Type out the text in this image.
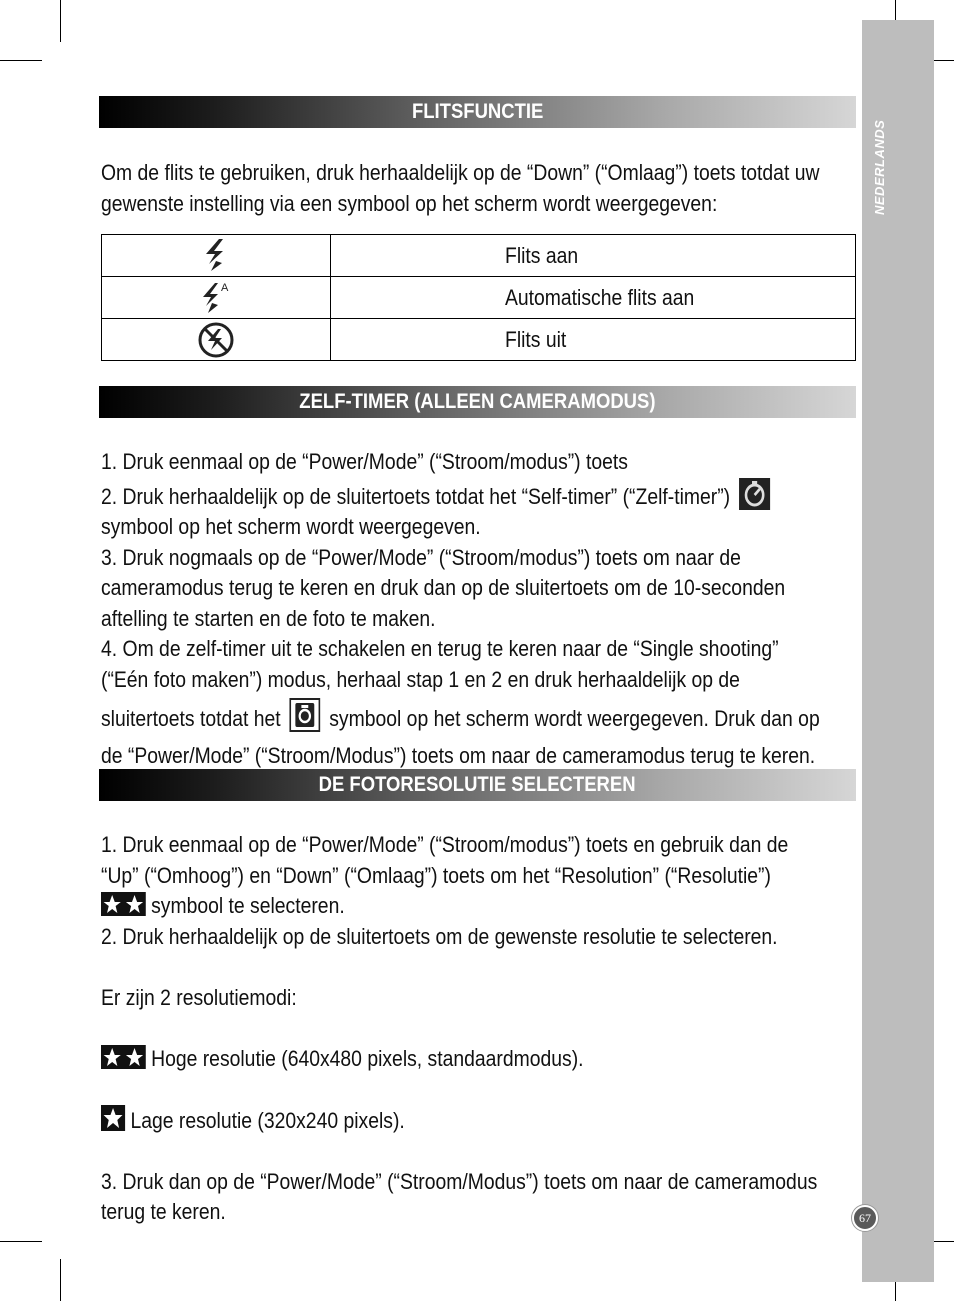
NEDERLANDS
67
FLITSFUNCTIE
Om de flits te gebruiken, druk herhaaldelijk op de “Down” (“Omlaag”) toets totdat uw
gewenste instelling via een symbool op het scherm wordt weergegeven:
	Flits aan

A	Automatische flits aan
	Flits uit
ZELF-TIMER (ALLEEN CAMERAMODUS)
1. Druk eenmaal op de “Power/Mode” (“Stroom/modus”) toets
2. Druk herhaaldelijk op de sluitertoets totdat het “Self-timer” (“Zelf-timer”)
symbool op het scherm wordt weergegeven.
3. Druk nogmaals op de “Power/Mode” (“Stroom/modus”) toets om naar de
cameramodus terug te keren en druk dan op de sluitertoets om de 10-seconden
aftelling te starten en de foto te maken.
4. Om de zelf-timer uit te schakelen en terug te keren naar de “Single shooting”
(“Eén foto maken”) modus, herhaal stap 1 en 2 en druk herhaaldelijk op de
sluitertoets totdat het symbool op het scherm wordt weergegeven. Druk dan op
de “Power/Mode” (“Stroom/Modus”) toets om naar de cameramodus terug te keren.
DE FOTORESOLUTIE SELECTEREN
1. Druk eenmaal op de “Power/Mode” (“Stroom/modus”) toets en gebruik dan de
“Up” (“Omhoog”) en “Down” (“Omlaag”) toets om het “Resolution” (“Resolutie”)
symbool te selecteren.
2. Druk herhaaldelijk op de sluitertoets om de gewenste resolutie te selecteren.

Er zijn 2 resolutiemodi:

Hoge resolutie (640x480 pixels, standaardmodus).

Lage resolutie (320x240 pixels).

3. Druk dan op de “Power/Mode” (“Stroom/Modus”) toets om naar de cameramodus
terug te keren.
